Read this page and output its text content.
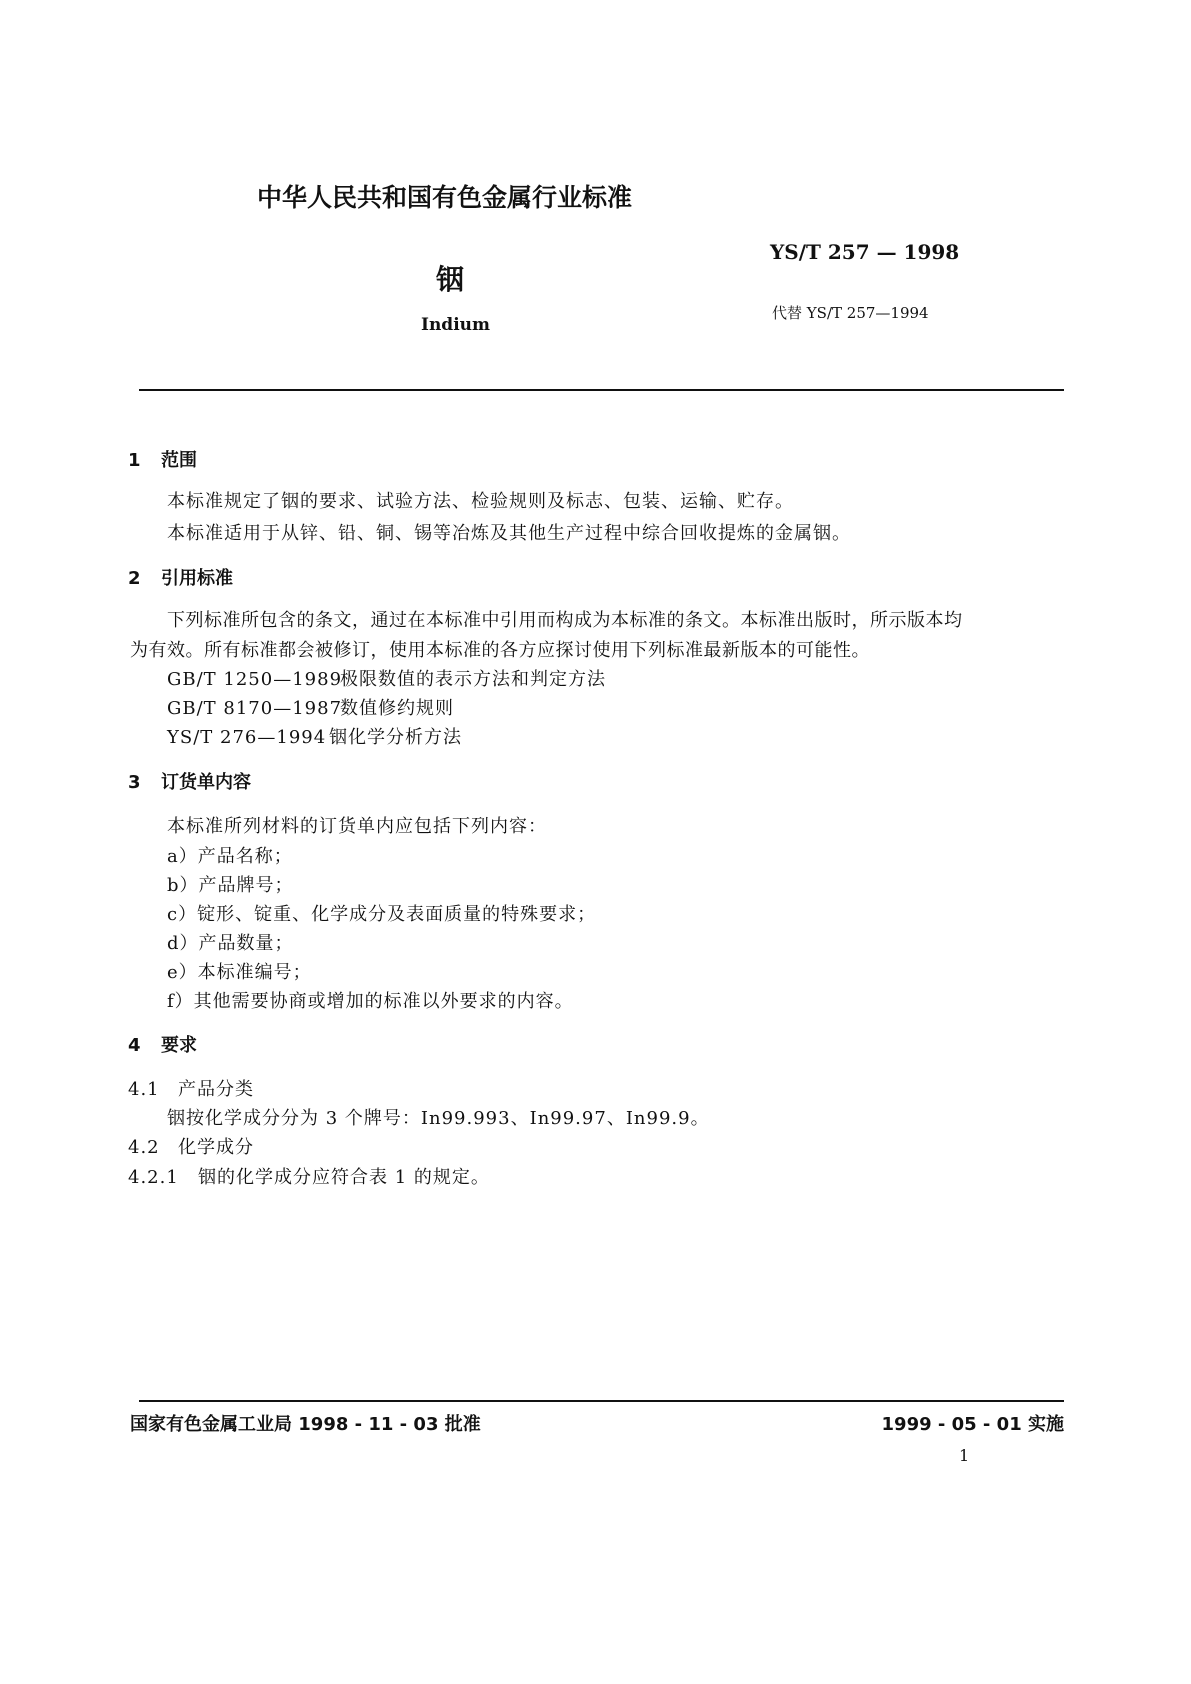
中华人民共和国有色金属行业标准
YS/T 257 — 1998
铟
代替 YS/T 257—1994
Indium
1 范围
本标准规定了铟的要求、试验方法、检验规则及标志、包装、运输、贮存。
本标准适用于从锌、铅、铜、锡等冶炼及其他生产过程中综合回收提炼的金属铟。
2 引用标准
下列标准所包含的条文，通过在本标准中引用而构成为本标准的条文。本标准出版时，所示版本均
为有效。所有标准都会被修订，使用本标准的各方应探讨使用下列标准最新版本的可能性。
GB/T 1250—1989极限数值的表示方法和判定方法
GB/T 8170—1987数值修约规则
YS/T 276—1994 铟化学分析方法
3 订货单内容
本标准所列材料的订货单内应包括下列内容：
a）产品名称；
b）产品牌号；
c）锭形、锭重、化学成分及表面质量的特殊要求；
d）产品数量；
e）本标准编号；
f）其他需要协商或增加的标准以外要求的内容。
4 要求
4.1 产品分类
铟按化学成分分为 3 个牌号：In99.993、In99.97、In99.9。
4.2 化学成分
4.2.1 铟的化学成分应符合表 1 的规定。
国家有色金属工业局 1998 - 11 - 03 批准	1999 - 05 - 01 实施
1
